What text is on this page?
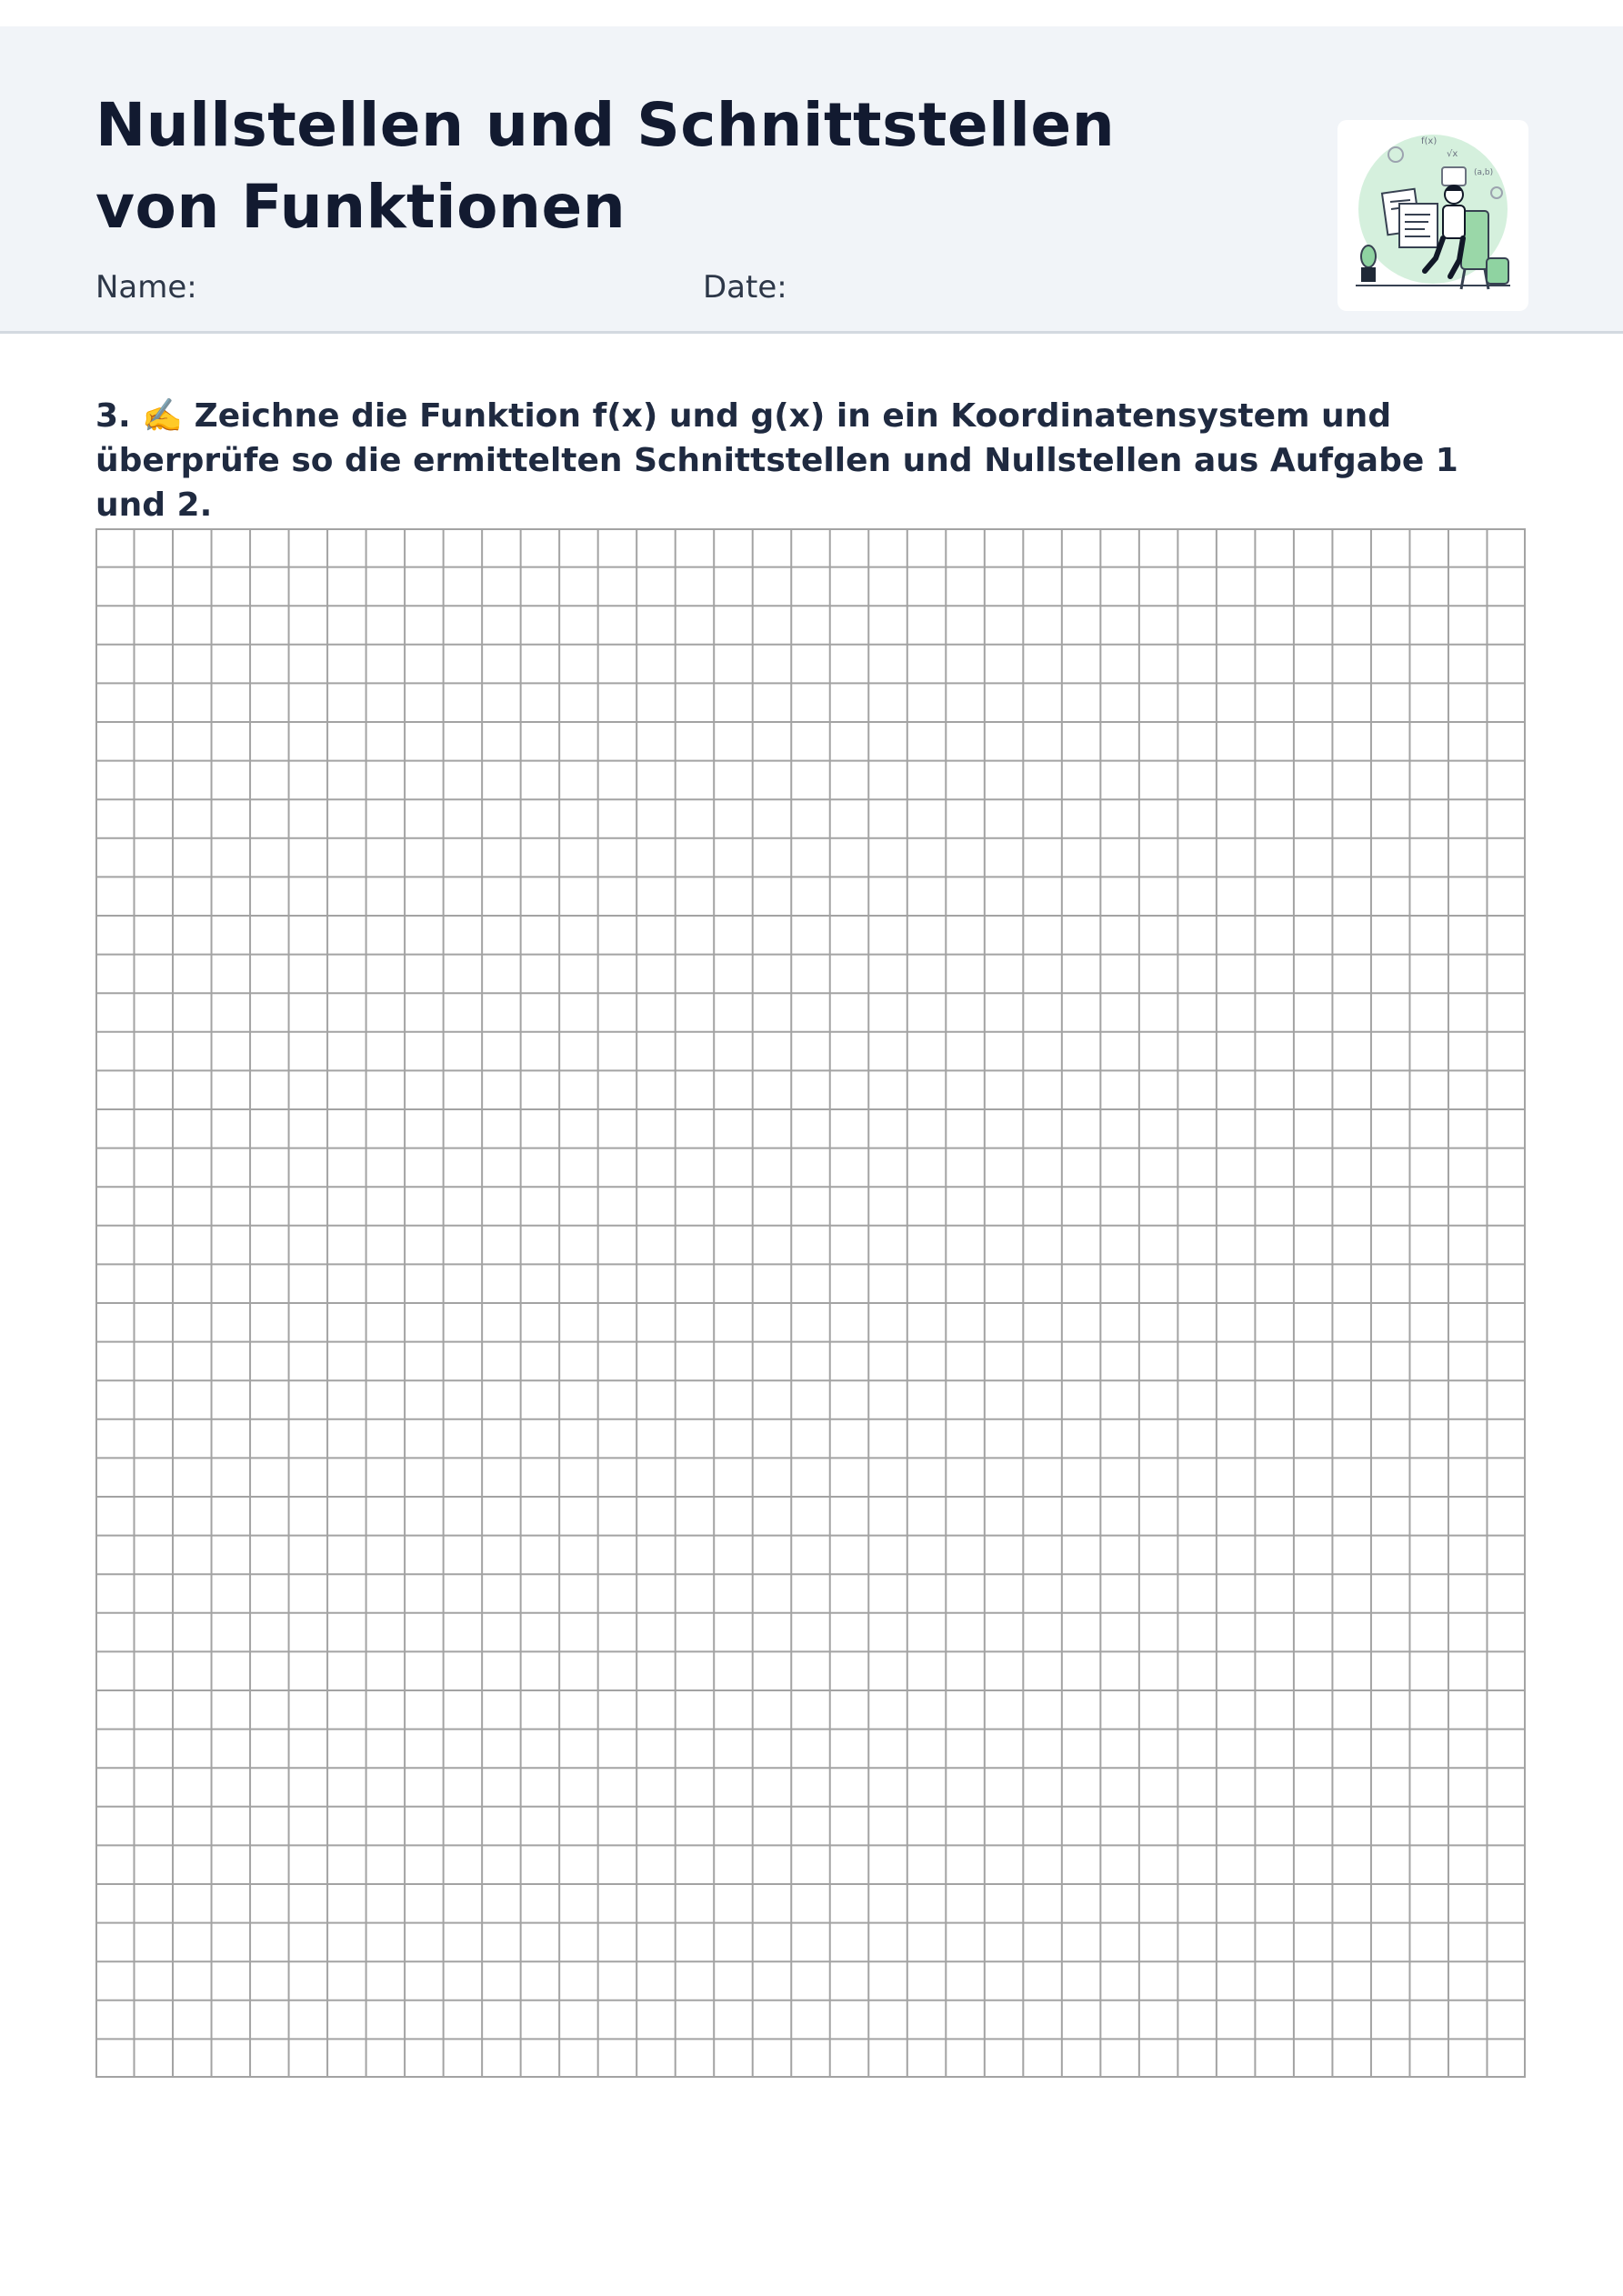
Nullstellen und Schnittstellen von Funktionen
Name:	Date:
f(x)
√x
(a,b)

3. ✍️ Zeichne die Funktion f(x) und g(x) in ein Koordinatensystem und überprüfe so die ermittelten Schnittstellen und Nullstellen aus Aufgabe 1 und 2.
